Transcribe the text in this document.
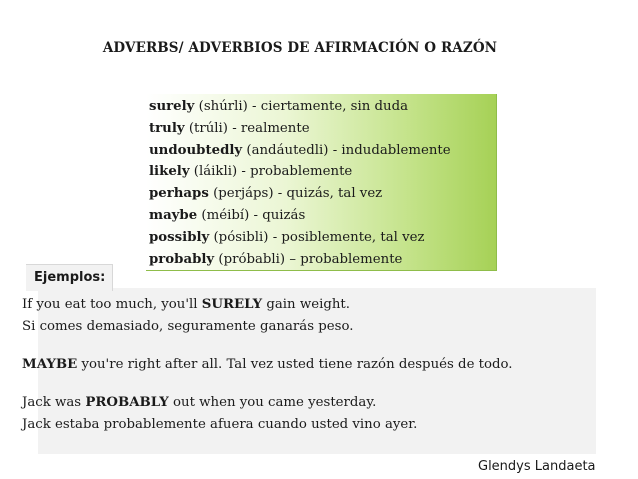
ADVERBS/ ADVERBIOS DE AFIRMACIÓN O RAZÓN
surely (shúrli) - ciertamente, sin duda
truly (trúli) - realmente
undoubtedly (andáutedli) - indudablemente
likely (láikli) - probablemente
perhaps (perjáps) - quizás, tal vez
maybe (méibí) - quizás
possibly (pósibli) - posiblemente, tal vez
probably (próbabli) – probablemente
Ejemplos:
If you eat too much, you'll SURELY gain weight.
Si comes demasiado, seguramente ganarás peso.
MAYBE you're right after all. Tal vez usted tiene razón después de todo.
Jack was PROBABLY out when you came yesterday.
Jack estaba probablemente afuera cuando usted vino ayer.
Glendys Landaeta
